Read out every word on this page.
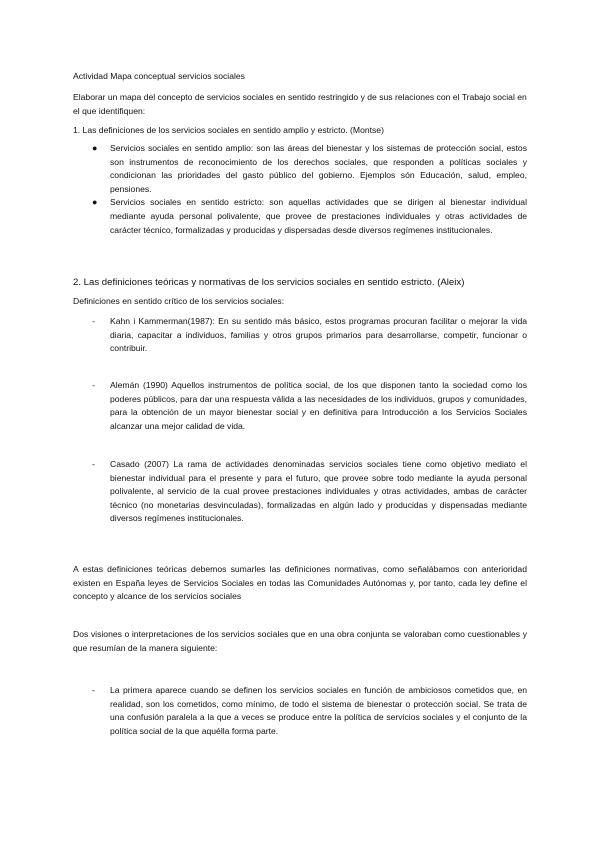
Actividad Mapa conceptual servicios sociales

Elaborar un mapa del concepto de servicios sociales en sentido restringido y de sus relaciones con el Trabajo social en el que identifiquen:

1. Las definiciones de los servicios sociales en sentido amplio y estricto. (Montse)

● Servicios sociales en sentido amplio: son las áreas del bienestar y los sistemas de protección social, estos son instrumentos de reconocimiento de los derechos sociales, que responden a políticas sociales y condicionan las prioridades del gasto público del gobierno. Ejemplos són Educación, salud, empleo, pensiones.
● Servicios sociales en sentido estricto: son aquellas actividades que se dirigen al bienestar individual mediante ayuda personal polivalente, que provee de prestaciones individuales y otras actividades de carácter técnico, formalizadas y producidas y dispersadas desde diversos regímenes institucionales.

2. Las definiciones teóricas y normativas de los servicios sociales en sentido estricto. (Aleix)

Definiciones en sentido crítico de los servicios sociales:

- Kahn i Kammerman(1987): En su sentido más básico, estos programas procuran facilitar o mejorar la vida diaria, capacitar a individuos, familias y otros grupos primarios para desarrollarse, competir, funcionar o contribuir.
- Alemán (1990) Aquellos instrumentos de política social, de los que disponen tanto la sociedad como los poderes públicos, para dar una respuesta válida a las necesidades de los individuos, grupos y comunidades, para la obtención de un mayor bienestar social y en definitiva para Introducción a los Servicios Sociales alcanzar una mejor calidad de vida.
- Casado (2007) La rama de actividades denominadas servicios sociales tiene como objetivo mediato el bienestar individual para el presente y para el futuro, que provee sobre todo mediante la ayuda personal polivalente, al servicio de la cual provee prestaciones individuales y otras actividades, ambas de carácter técnico (no monetarias desvinculadas), formalizadas en algún lado y producidas y dispensadas mediante diversos regímenes institucionales.

A estas definiciones teóricas debemos sumarles las definiciones normativas, como señalábamos con anterioridad existen en España leyes de Servicios Sociales en todas las Comunidades Autónomas y, por tanto, cada ley define el concepto y alcance de los servicios sociales

Dos visiones o interpretaciones de los servicios sociales que en una obra conjunta se valoraban como cuestionables y que resumían de la manera siguiente:

- La primera aparece cuando se definen los servicios sociales en función de ambiciosos cometidos que, en realidad, son los cometidos, como mínimo, de todo el sistema de bienestar o protección social. Se trata de una confusión paralela a la que a veces se produce entre la política de servicios sociales y el conjunto de la política social de la que aquélla forma parte.
